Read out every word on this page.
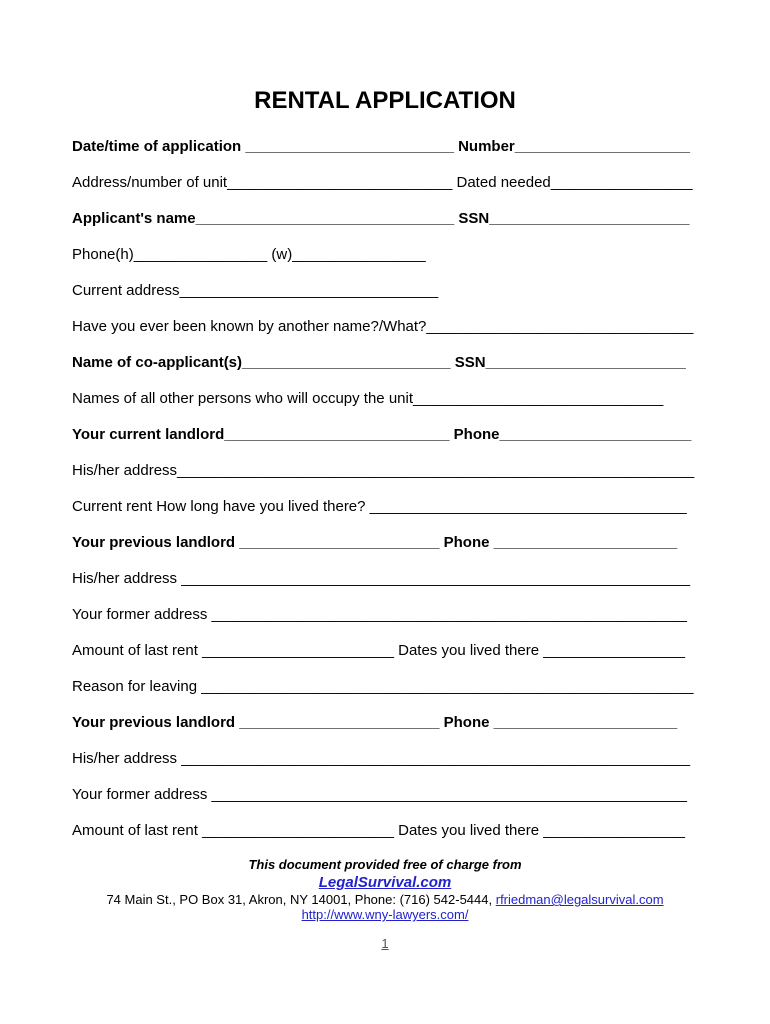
RENTAL APPLICATION
Date/time of application _________________________ Number_____________________
Address/number of unit___________________________ Dated needed_________________
Applicant's name_______________________________ SSN________________________
Phone(h)________________ (w)________________
Current address_______________________________
Have you ever been known by another name?/What?________________________________
Name of co-applicant(s)_________________________ SSN________________________
Names of all other persons who will occupy the unit______________________________
Your current landlord___________________________ Phone_______________________
His/her address______________________________________________________________
Current rent How long have you lived there? ______________________________________
Your previous landlord ________________________ Phone ______________________
His/her address _____________________________________________________________
Your former address _________________________________________________________
Amount of last rent _______________________ Dates you lived there _________________
Reason for leaving ___________________________________________________________
Your previous landlord ________________________ Phone ______________________
His/her address _____________________________________________________________
Your former address _________________________________________________________
Amount of last rent _______________________ Dates you lived there _________________
This document provided free of charge from
LegalSurvival.com
74 Main St., PO Box 31, Akron, NY 14001, Phone: (716) 542-5444, rfriedman@legalsurvival.com
http://www.wny-lawyers.com/
1
